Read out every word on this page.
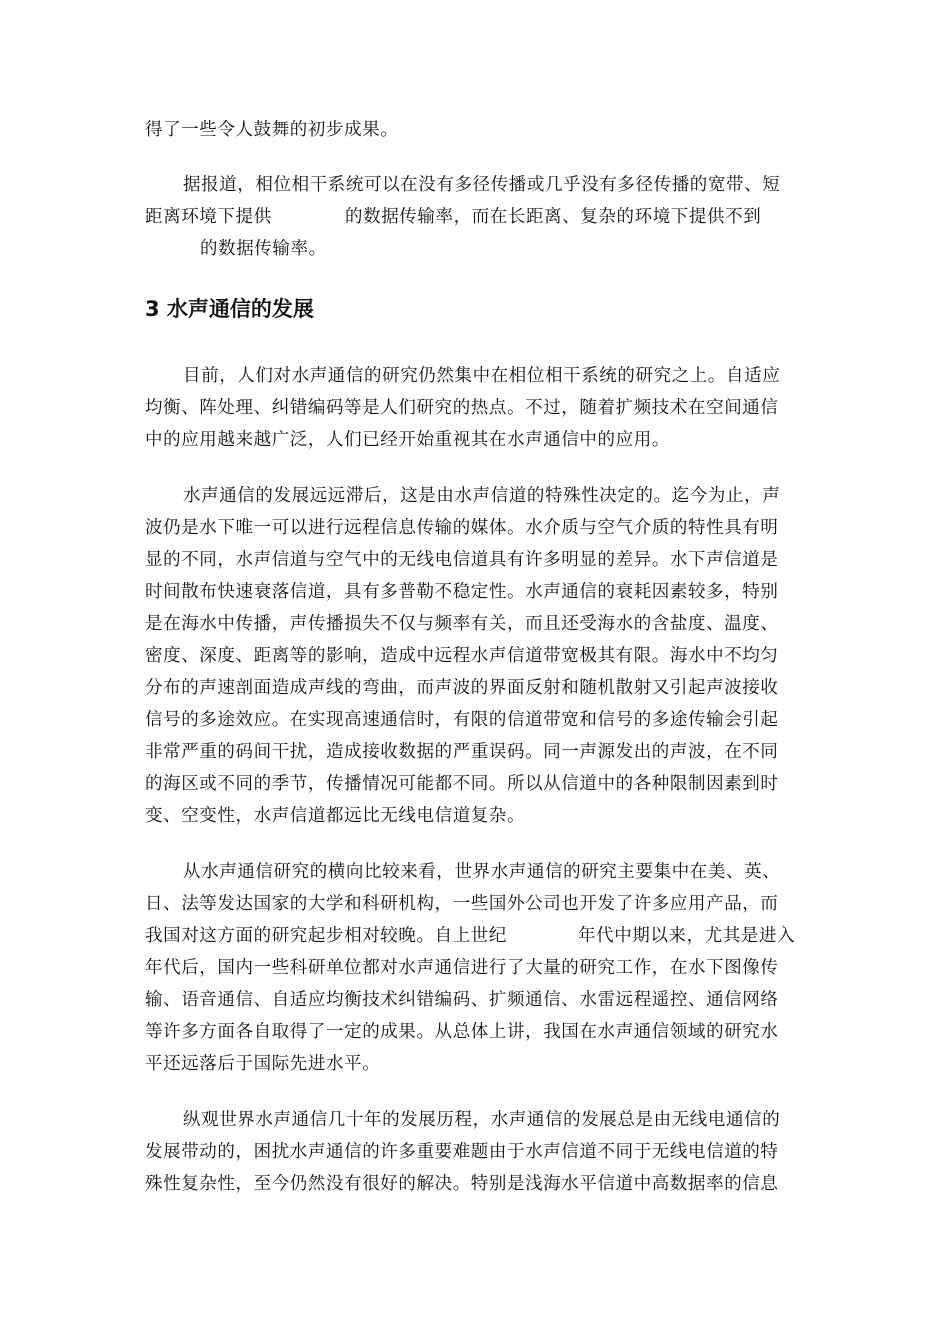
得了一些令人鼓舞的初步成果。
据报道，相位相干系统可以在没有多径传播或几乎没有多径传播的宽带、短
距离环境下提供	的数据传输率，而在长距离、复杂的环境下提供不到
的数据传输率。
3 水声通信的发展
目前，人们对水声通信的研究仍然集中在相位相干系统的研究之上。自适应
均衡、阵处理、纠错编码等是人们研究的热点。不过，随着扩频技术在空间通信
中的应用越来越广泛，人们已经开始重视其在水声通信中的应用。
水声通信的发展远远滞后，这是由水声信道的特殊性决定的。迄今为止，声
波仍是水下唯一可以进行远程信息传输的媒体。水介质与空气介质的特性具有明
显的不同，水声信道与空气中的无线电信道具有许多明显的差异。水下声信道是
时间散布快速衰落信道，具有多普勒不稳定性。水声通信的衰耗因素较多，特别
是在海水中传播，声传播损失不仅与频率有关，而且还受海水的含盐度、温度、
密度、深度、距离等的影响，造成中远程水声信道带宽极其有限。海水中不均匀
分布的声速剖面造成声线的弯曲，而声波的界面反射和随机散射又引起声波接收
信号的多途效应。在实现高速通信时，有限的信道带宽和信号的多途传输会引起
非常严重的码间干扰，造成接收数据的严重误码。同一声源发出的声波，在不同
的海区或不同的季节，传播情况可能都不同。所以从信道中的各种限制因素到时
变、空变性，水声信道都远比无线电信道复杂。
从水声通信研究的横向比较来看，世界水声通信的研究主要集中在美、英、
日、法等发达国家的大学和科研机构，一些国外公司也开发了许多应用产品，而
我国对这方面的研究起步相对较晚。自上世纪	年代中期以来，尤其是进入
年代后，国内一些科研单位都对水声通信进行了大量的研究工作，在水下图像传
输、语音通信、自适应均衡技术纠错编码、扩频通信、水雷远程遥控、通信网络
等许多方面各自取得了一定的成果。从总体上讲，我国在水声通信领域的研究水
平还远落后于国际先进水平。
纵观世界水声通信几十年的发展历程，水声通信的发展总是由无线电通信的
发展带动的，困扰水声通信的许多重要难题由于水声信道不同于无线电信道的特
殊性复杂性，至今仍然没有很好的解决。特别是浅海水平信道中高数据率的信息
